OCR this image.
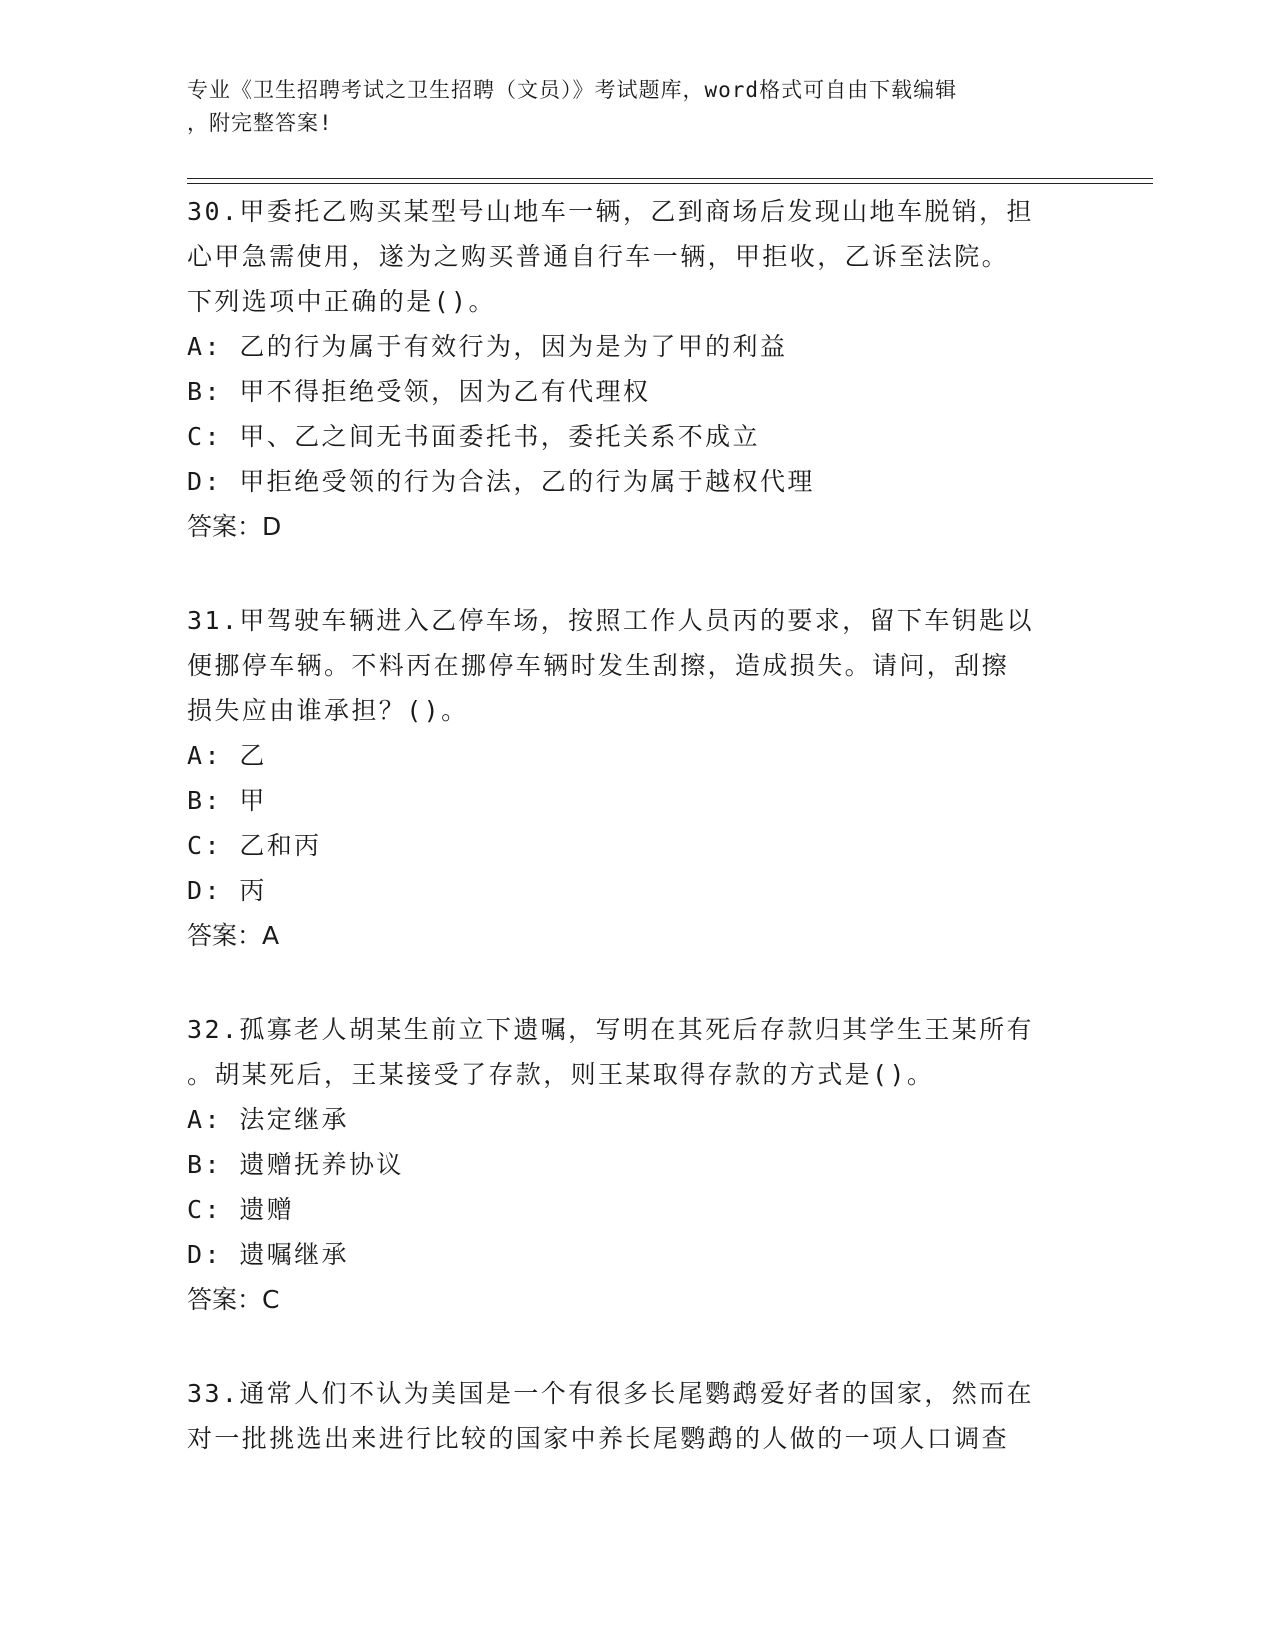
专业《卫生招聘考试之卫生招聘（文员）》考试题库，word格式可自由下载编辑
，附完整答案!

30.甲委托乙购买某型号山地车一辆，乙到商场后发现山地车脱销，担

心甲急需使用，遂为之购买普通自行车一辆，甲拒收，乙诉至法院。

下列选项中正确的是()。

A: 乙的行为属于有效行为，因为是为了甲的利益

B: 甲不得拒绝受领，因为乙有代理权

C: 甲、乙之间无书面委托书，委托关系不成立

D: 甲拒绝受领的行为合法，乙的行为属于越权代理

答案：D

31.甲驾驶车辆进入乙停车场，按照工作人员丙的要求，留下车钥匙以

便挪停车辆。不料丙在挪停车辆时发生刮擦，造成损失。请问，刮擦

损失应由谁承担？()。

A: 乙

B: 甲

C: 乙和丙

D: 丙

答案：A

32.孤寡老人胡某生前立下遗嘱，写明在其死后存款归其学生王某所有

。胡某死后，王某接受了存款，则王某取得存款的方式是()。

A: 法定继承

B: 遗赠抚养协议

C: 遗赠

D: 遗嘱继承

答案：C

33.通常人们不认为美国是一个有很多长尾鹦鹉爱好者的国家，然而在

对一批挑选出来进行比较的国家中养长尾鹦鹉的人做的一项人口调查
